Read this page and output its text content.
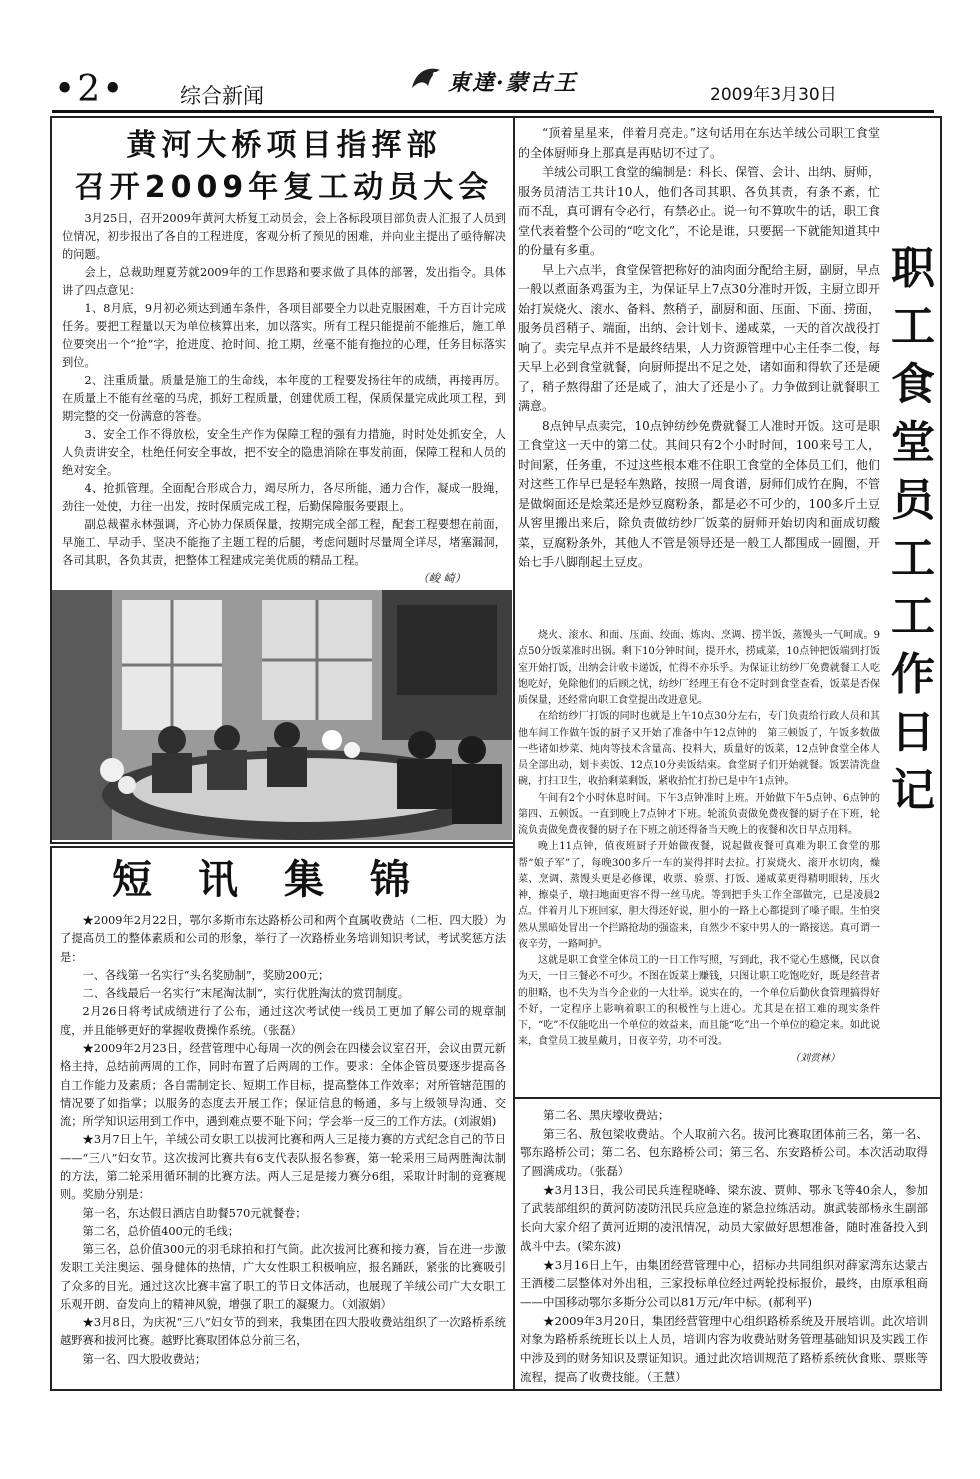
•2•	综合新闻	東達·蒙古王	2009年3月30日
黄河大桥项目指挥部
召开2009年复工动员大会

3月25日，召开2009年黄河大桥复工动员会，会上各标段项目部负责人汇报了人员到位情况，初步报出了各自的工程进度，客观分析了预见的困难，并向业主提出了亟待解决的问题。

会上，总裁助理夏芳就2009年的工作思路和要求做了具体的部署，发出指令。具体讲了四点意见：

1、8月底，9月初必须达到通车条件，各项目部要全力以赴克服困难，千方百计完成任务。要把工程量以天为单位核算出来，加以落实。所有工程只能提前不能推后，施工单位要突出一个“抢”字，抢进度、抢时间、抢工期，丝毫不能有拖拉的心理，任务目标落实到位。

2、注重质量。质量是施工的生命线，本年度的工程要发扬往年的成绩，再接再厉。在质量上不能有丝毫的马虎，抓好工程质量，创建优质工程，保质保量完成此项工程，到期完整的交一份满意的答卷。

3、安全工作不得放松，安全生产作为保障工程的强有力措施，时时处处抓安全，人人负责讲安全，杜绝任何安全事故，把不安全的隐患消除在事发前面，保障工程和人员的绝对安全。

4、抢抓管理。全面配合形成合力，竭尽所力，各尽所能，通力合作，凝成一股绳，劲往一处使，力往一出发，按时保质完成工程，后勤保障服务要跟上。

副总裁翟永林强调，齐心协力保质保量，按期完成全部工程，配套工程要想在前面，早施工、早动手、坚决不能拖了主题工程的后腿，考虑问题时尽量周全详尽，堵塞漏洞，各司其职，各负其责，把整体工程建成完美优质的精品工程。

（峻 崎）
短讯集锦

★2009年2月22日，鄂尔多斯市东达路桥公司和两个直属收费站（二柜、四大股）为了提高员工的整体素质和公司的形象，举行了一次路桥业务培训知识考试，考试奖惩方法是：

一、各线第一名实行“头名奖励制”，奖励200元；

二、各线最后一名实行“末尾淘汰制”，实行优胜淘汰的赏罚制度。

2月26日将考试成绩进行了公布，通过这次考试使一线员工更加了解公司的规章制度，并且能够更好的掌握收费操作系统。（张磊）

★2009年2月23日，经营管理中心每周一次的例会在四楼会议室召开，会议由贾元新格主持，总结前两周的工作，同时布置了后两周的工作。要求：全体企管员要逐步提高各自工作能力及素质；各自需制定长、短期工作目标，提高整体工作效率；对所管辖范围的情况要了如指掌；以服务的态度去开展工作；保证信息的畅通，多与上级领导沟通、交流；所学知识运用到工作中，遇到难点要不耻下问；学会举一反三的工作方法。(刘淑娟)

★3月7日上午，羊绒公司女职工以拔河比赛和两人三足接力赛的方式纪念自己的节日——“三八”妇女节。这次拔河比赛共有6支代表队报名参赛，第一轮采用三局两胜淘汰制的方法，第二轮采用循环制的比赛方法。两人三足是接力赛分6组，采取计时制的竞赛规则。奖励分别是：

第一名，东达假日酒店自助餐570元就餐卷；

第二名，总价值400元的毛线；

第三名，总价值300元的羽毛球拍和打气筒。此次拔河比赛和接力赛，旨在进一步激发职工关注奥运、强身健体的热情，广大女性职工积极响应，报名踊跃，紧张的比赛吸引了众多的目光。通过这次比赛丰富了职工的节日文体活动，也展现了羊绒公司广大女职工乐观开朗、奋发向上的精神风貌，增强了职工的凝聚力。（刘淑娟）

★3月8日，为庆祝“三八”妇女节的到来，我集团在四大股收费站组织了一次路桥系统越野赛和拔河比赛。越野比赛取团体总分前三名，

第一名、四大股收费站；

第二名、黑庆壕收费站；

第三名、敖包梁收费站。个人取前六名。拔河比赛取团体前三名，第一名、鄂东路桥公司；第二名、包东路桥公司；第三名、东安路桥公司。本次活动取得了圆满成功。（张磊）

★3月13日，我公司民兵连程晓峰、梁东波、贾帅、鄂永飞等40余人，参加了武装部组织的黄河防凌防汛民兵应急连的紧急拉练活动。旗武装部杨永生副部长向大家介绍了黄河近期的凌汛情况，动员大家做好思想准备，随时准备投入到战斗中去。(梁东波)

★3月16日上午，由集团经营管理中心，招标办共同组织对薛家湾东达蒙古王酒楼二层整体对外出租，三家投标单位经过两轮投标报价，最终，由原承租商——中国移动鄂尔多斯分公司以81万元/年中标。(郝利平)

★2009年3月20日，集团经营管理中心组织路桥系统及开展培训。此次培训对象为路桥系统班长以上人员，培训内容为收费站财务管理基础知识及实践工作中涉及到的财务知识及票证知识。通过此次培训规范了路桥系统伙食账、票账等流程，提高了收费技能。（王慧）

“顶着星星来，伴着月亮走。”这句话用在东达羊绒公司职工食堂的全体厨师身上那真是再贴切不过了。

羊绒公司职工食堂的编制是：科长、保管、会计、出纳、厨师，服务员清洁工共计10人，他们各司其职、各负其责，有条不紊，忙而不乱，真可谓有令必行，有禁必止。说一句不算吹牛的话，职工食堂代表着整个公司的“吃文化”，不论是谁，只要据一下就能知道其中的份量有多重。

早上六点半，食堂保管把称好的油肉面分配给主厨，副厨，早点一般以煮面条鸡蛋为主，为保证早上7点30分准时开饭，主厨立即开始打炭烧火、滚水、备料、熬稍子，副厨和面、压面、下面、捞面，服务员舀稍子、端面，出纳、会计划卡、递咸菜，一天的首次战役打响了。卖完早点并不是最终结果，人力资源管理中心主任李二俊，每天早上必到食堂就餐，向厨师提出不足之处，诸如面和得软了还是硬了，稍子熬得甜了还是咸了，油大了还是小了。力争做到让就餐职工满意。

8点钟早点卖完，10点钟纺纱免费就餐工人准时开饭。这可是职工食堂这一天中的第二仗。其间只有2个小时时间，100来号工人，时间紧，任务重，不过这些根本难不住职工食堂的全体员工们，他们对这些工作早已是轻车熟路，按照一周食谱，厨师们成竹在胸，不管是做焖面还是烩菜还是炒豆腐粉条，都是必不可少的，100多斤土豆从窖里搬出来后，除负责做纺纱厂饭菜的厨师开始切肉和面成切酸菜，豆腐粉条外，其他人不管是领导还是一般工人都围成一圆圈，开始七手八脚削起土豆皮。

烧火、滚水、和面、压面、绞面、炼肉、烹调、捞半饭，蒸馒头一气呵成。9点50分饭菜准时出锅。剩下10分钟时间，提开水，捞咸菜，10点钟把饭端到打饭室开始打饭，出纳会计收卡递饭，忙得不亦乐乎。为保证让纺纱厂免费就餐工人吃饱吃好，免除他们的后顾之忧，纺纱厂经理王有仓不定时到食堂查看，饭菜是否保质保量，还经常向职工食堂提出改进意见。

在给纺纱厂打饭的同时也就是上午10点30分左右，专门负责给行政人员和其他车间工作做午饭的厨子又开始了准备中午12点钟的　第三顿饭了，午饭多数做一些诸如炒菜、炖肉等技术含量高、投料大，质量好的饭菜，12点钟食堂全体人员全部出动，划卡卖饭、12点10分卖饭结束。食堂厨子们开始就餐。饭罢清洗盘碗，打扫卫生，收拾剩菜剩饭，紧收拾忙打扮已是中午1点钟。

午间有2个小时休息时间。下午3点钟准时上班。开始做下午5点钟、6点钟的第四、五顿饭。一直到晚上7点钟才下班。轮流负责做免费夜餐的厨子在下班，轮流负责做免费夜餐的厨子在下班之前还得备当天晚上的夜餐和次日早点用料。

晚上11点钟，值夜班厨子开始做夜餐，说起做夜餐可真难为职工食堂的那帮“娘子军”了，每晚300多斤一车的炭得拌时去拉。打炭烧火、滚开水切肉，燥菜、烹调、蒸馒头更是必修课，收票、验票、打饭、递咸菜更得精明眼转，压火神，擦桌子，墩扫地面更容不得一丝马虎。等到把手头工作全部做完，已是凌晨2点。伴着月儿下班回家，胆大得还好说，胆小的一路上心都提到了嗓子眼。生怕突然从黑暗处冒出一个拦路抢劫的强盗来，自然少不家中男人的一路接送。真可谓一夜辛劳，一路呵护。

这就是职工食堂全体员工的一日工作写照，写到此，我不觉心生感慨，民以食为天，一日三餐必不可少。不图在饭菜上赚钱，只图让职工吃饱吃好，既是经营者的胆略，也不失为当今企业的一大壮举。说实在的，一个单位后勤伙食管理搞得好不好，一定程序上影响着职工的积极性与上进心。尤其是在招工难的现实条件下，“吃”不仅能吃出一个单位的效益来，而且能“吃”出一个单位的稳定来。如此说来，食堂员工披星戴月，日夜辛劳，功不可没。

（刘赏林）
职工食堂员工工作日记
